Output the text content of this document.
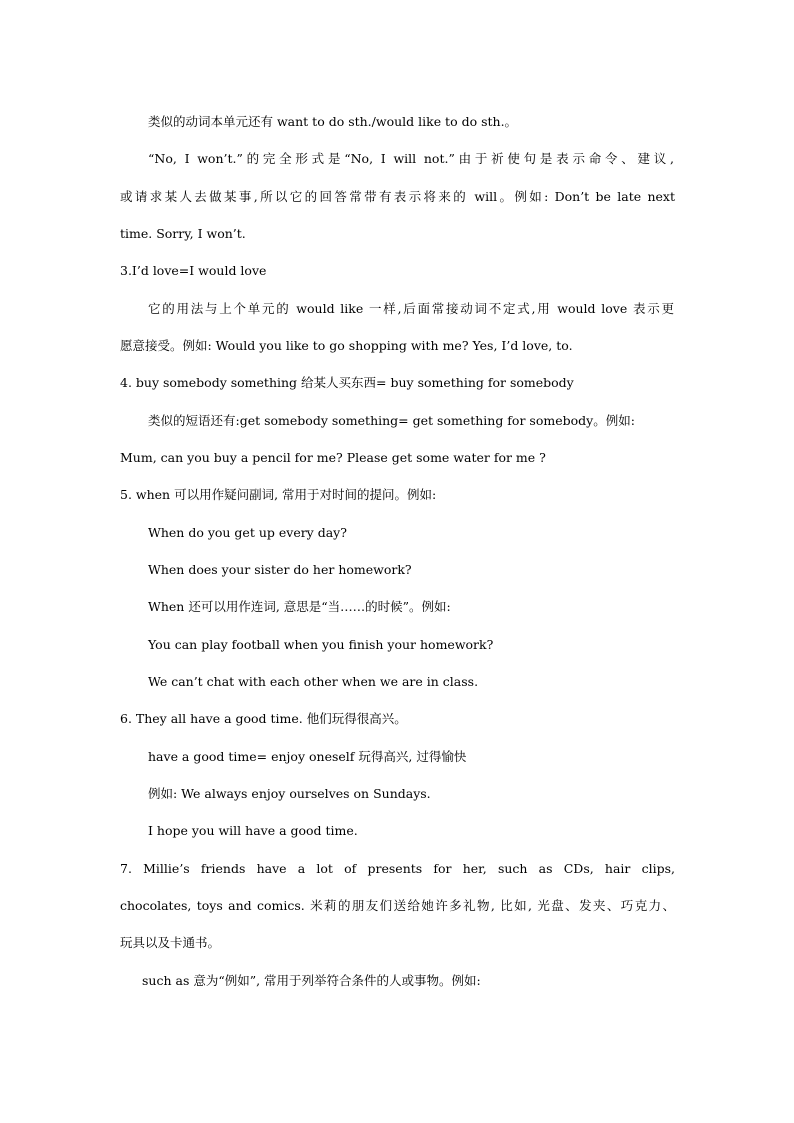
类似的动词本单元还有 want to do sth./would like to do sth.。
“No, I won’t.”的完全形式是“No, I will not.”由于祈使句是表示命令、建议,
或请求某人去做某事,所以它的回答常带有表示将来的 will。例如: Don’t be late next
time. Sorry, I won’t.
3.I’d love=I would love
它的用法与上个单元的 would like 一样,后面常接动词不定式,用 would love 表示更
愿意接受。例如: Would you like to go shopping with me? Yes, I’d love, to.
4. buy somebody something 给某人买东西= buy something for somebody
类似的短语还有:get somebody something= get something for somebody。例如:
Mum, can you buy a pencil for me? Please get some water for me ?
5. when 可以用作疑问副词, 常用于对时间的提问。例如:
When do you get up every day?
When does your sister do her homework?
When 还可以用作连词, 意思是“当……的时候”。例如:
You can play football when you finish your homework?
We can’t chat with each other when we are in class.
6. They all have a good time. 他们玩得很高兴。
have a good time= enjoy oneself 玩得高兴, 过得愉快
例如: We always enjoy ourselves on Sundays.
I hope you will have a good time.
7. Millie’s friends have a lot of presents for her, such as CDs, hair clips,
chocolates, toys and comics. 米莉的朋友们送给她许多礼物, 比如, 光盘、发夹、巧克力、
玩具以及卡通书。
such as 意为“例如”, 常用于列举符合条件的人或事物。例如:
